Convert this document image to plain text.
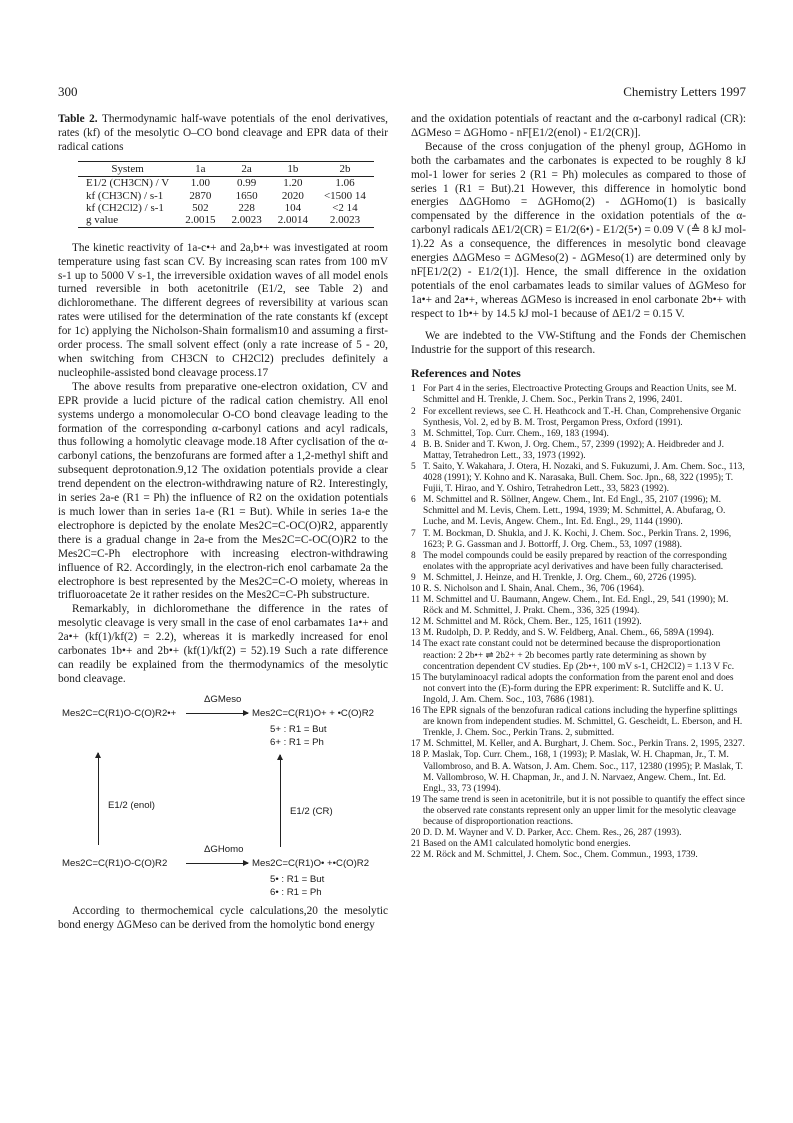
300	Chemistry Letters 1997

Table 2. Thermodynamic half-wave potentials of the enol derivatives, rates (kf) of the mesolytic O–CO bond cleavage and EPR data of their radical cations

System	1a	2a	1b	2b
E1/2 (CH3CN) / V	1.00	0.99	1.20	1.06
kf (CH3CN) / s-1	2870	1650	2020	<1500 14
kf (CH2Cl2) / s-1	502	228	104	<2 14
g value	2.0015	2.0023	2.0014	2.0023

The kinetic reactivity of 1a-c•+ and 2a,b•+ was investigated at room temperature using fast scan CV. By increasing scan rates from 100 mV s-1 up to 5000 V s-1, the irreversible oxidation waves of all model enols turned reversible in both acetonitrile (E1/2, see Table 2) and dichloromethane. The different degrees of reversibility at various scan rates were utilised for the determination of the rate constants kf (except for 1c) applying the Nicholson-Shain formalism10 and assuming a first-order process. The small solvent effect (only a rate increase of 5 - 20, when switching from CH3CN to CH2Cl2) precludes definitely a nucleophile-assisted bond cleavage process.17

The above results from preparative one-electron oxidation, CV and EPR provide a lucid picture of the radical cation chemistry. All enol systems undergo a monomolecular O-CO bond cleavage leading to the formation of the corresponding α-carbonyl cations and acyl radicals, thus following a homolytic cleavage mode.18 After cyclisation of the α-carbonyl cations, the benzofurans are formed after a 1,2-methyl shift and subsequent deprotonation.9,12 The oxidation potentials provide a clear trend dependent on the electron-withdrawing nature of R2. Interestingly, in series 2a-e (R1 = Ph) the influence of R2 on the oxidation potentials is much lower than in series 1a-e (R1 = But). While in series 1a-e the electrophore is depicted by the enolate Mes2C=C-OC(O)R2, apparently there is a gradual change in 2a-e from the Mes2C=C-OC(O)R2 to the Mes2C=C-Ph electrophore with increasing electron-withdrawing influence of R2. Accordingly, in the electron-rich enol carbamate 2a the electrophore is best represented by the Mes2C=C-O moiety, whereas in trifluoroacetate 2e it rather resides on the Mes2C=C-Ph substructure.

Remarkably, in dichloromethane the difference in the rates of mesolytic cleavage is very small in the case of enol carbamates 1a•+ and 2a•+ (kf(1)/kf(2) = 2.2), whereas it is markedly increased for enol carbonates 1b•+ and 2b•+ (kf(1)/kf(2) = 52).19 Such a rate difference can readily be explained from the thermodynamics of the mesolytic bond cleavage.

Mes2C=C(R1)O-C(O)R2•+
ΔGMeso
Mes2C=C(R1)O+ + •C(O)R2
5+ : R1 = But
6+ : R1 = Ph
E1/2 (enol)
E1/2 (CR)
Mes2C=C(R1)O-C(O)R2
ΔGHomo
Mes2C=C(R1)O• +•C(O)R2
5• : R1 = But
6• : R1 = Ph

According to thermochemical cycle calculations,20 the mesolytic bond energy ΔGMeso can be derived from the homolytic bond energy

and the oxidation potentials of reactant and the α-carbonyl radical (CR): ΔGMeso = ΔGHomo - nF[E1/2(enol) - E1/2(CR)].

Because of the cross conjugation of the phenyl group, ΔGHomo in both the carbamates and the carbonates is expected to be roughly 8 kJ mol-1 lower for series 2 (R1 = Ph) molecules as compared to those of series 1 (R1 = But).21 However, this difference in homolytic bond energies ΔΔGHomo = ΔGHomo(2) - ΔGHomo(1) is basically compensated by the difference in the oxidation potentials of the α-carbonyl radicals ΔE1/2(CR) = E1/2(6•) - E1/2(5•) = 0.09 V (≙ 8 kJ mol-1).22 As a consequence, the differences in mesolytic bond cleavage energies ΔΔGMeso = ΔGMeso(2) - ΔGMeso(1) are determined only by nF[E1/2(2) - E1/2(1)]. Hence, the small difference in the oxidation potentials of the enol carbamates leads to similar values of ΔGMeso for 1a•+ and 2a•+, whereas ΔGMeso is increased in enol carbonate 2b•+ with respect to 1b•+ by 14.5 kJ mol-1 because of ΔE1/2 = 0.15 V.

We are indebted to the VW-Stiftung and the Fonds der Chemischen Industrie for the support of this research.

References and Notes
1 For Part 4 in the series, Electroactive Protecting Groups and Reaction Units, see M. Schmittel and H. Trenkle, J. Chem. Soc., Perkin Trans 2, 1996, 2401.
2 For excellent reviews, see C. H. Heathcock and T.-H. Chan, Comprehensive Organic Synthesis, Vol. 2, ed by B. M. Trost, Pergamon Press, Oxford (1991).
3 M. Schmittel, Top. Curr. Chem., 169, 183 (1994).
4 B. B. Snider and T. Kwon, J. Org. Chem., 57, 2399 (1992); A. Heidbreder and J. Mattay, Tetrahedron Lett., 33, 1973 (1992).
5 T. Saito, Y. Wakahara, J. Otera, H. Nozaki, and S. Fukuzumi, J. Am. Chem. Soc., 113, 4028 (1991); Y. Kohno and K. Narasaka, Bull. Chem. Soc. Jpn., 68, 322 (1995); T. Fujii, T. Hirao, and Y. Oshiro, Tetrahedron Lett., 33, 5823 (1992).
6 M. Schmittel and R. Söllner, Angew. Chem., Int. Ed Engl., 35, 2107 (1996); M. Schmittel and M. Levis, Chem. Lett., 1994, 1939; M. Schmittel, A. Abufarag, O. Luche, and M. Levis, Angew. Chem., Int. Ed. Engl., 29, 1144 (1990).
7 T. M. Bockman, D. Shukla, and J. K. Kochi, J. Chem. Soc., Perkin Trans. 2, 1996, 1623; P. G. Gassman and J. Bottorff, J. Org. Chem., 53, 1097 (1988).
8 The model compounds could be easily prepared by reaction of the corresponding enolates with the appropriate acyl derivatives and have been fully characterised.
9 M. Schmittel, J. Heinze, and H. Trenkle, J. Org. Chem., 60, 2726 (1995).
10 R. S. Nicholson and I. Shain, Anal. Chem., 36, 706 (1964).
11 M. Schmittel and U. Baumann, Angew. Chem., Int. Ed. Engl., 29, 541 (1990); M. Röck and M. Schmittel, J. Prakt. Chem., 336, 325 (1994).
12 M. Schmittel and M. Röck, Chem. Ber., 125, 1611 (1992).
13 M. Rudolph, D. P. Reddy, and S. W. Feldberg, Anal. Chem., 66, 589A (1994).
14 The exact rate constant could not be determined because the disproportionation reaction: 2 2b•+ ⇌ 2b2+ + 2b becomes partly rate determining as shown by concentration dependent CV studies. Ep (2b•+, 100 mV s-1, CH2Cl2) = 1.13 V Fc.
15 The butylaminoacyl radical adopts the conformation from the parent enol and does not convert into the (E)-form during the EPR experiment: R. Sutcliffe and K. U. Ingold, J. Am. Chem. Soc., 103, 7686 (1981).
16 The EPR signals of the benzofuran radical cations including the hyperfine splittings are known from independent studies. M. Schmittel, G. Gescheidt, L. Eberson, and H. Trenkle, J. Chem. Soc., Perkin Trans. 2, submitted.
17 M. Schmittel, M. Keller, and A. Burghart, J. Chem. Soc., Perkin Trans. 2, 1995, 2327.
18 P. Maslak, Top. Curr. Chem., 168, 1 (1993); P. Maslak, W. H. Chapman, Jr., T. M. Vallombroso, and B. A. Watson, J. Am. Chem. Soc., 117, 12380 (1995); P. Maslak, T. M. Vallombroso, W. H. Chapman, Jr., and J. N. Narvaez, Angew. Chem., Int. Ed. Engl., 33, 73 (1994).
19 The same trend is seen in acetonitrile, but it is not possible to quantify the effect since the observed rate constants represent only an upper limit for the mesolytic cleavage because of disproportionation reactions.
20 D. D. M. Wayner and V. D. Parker, Acc. Chem. Res., 26, 287 (1993).
21 Based on the AM1 calculated homolytic bond energies.
22 M. Röck and M. Schmittel, J. Chem. Soc., Chem. Commun., 1993, 1739.
